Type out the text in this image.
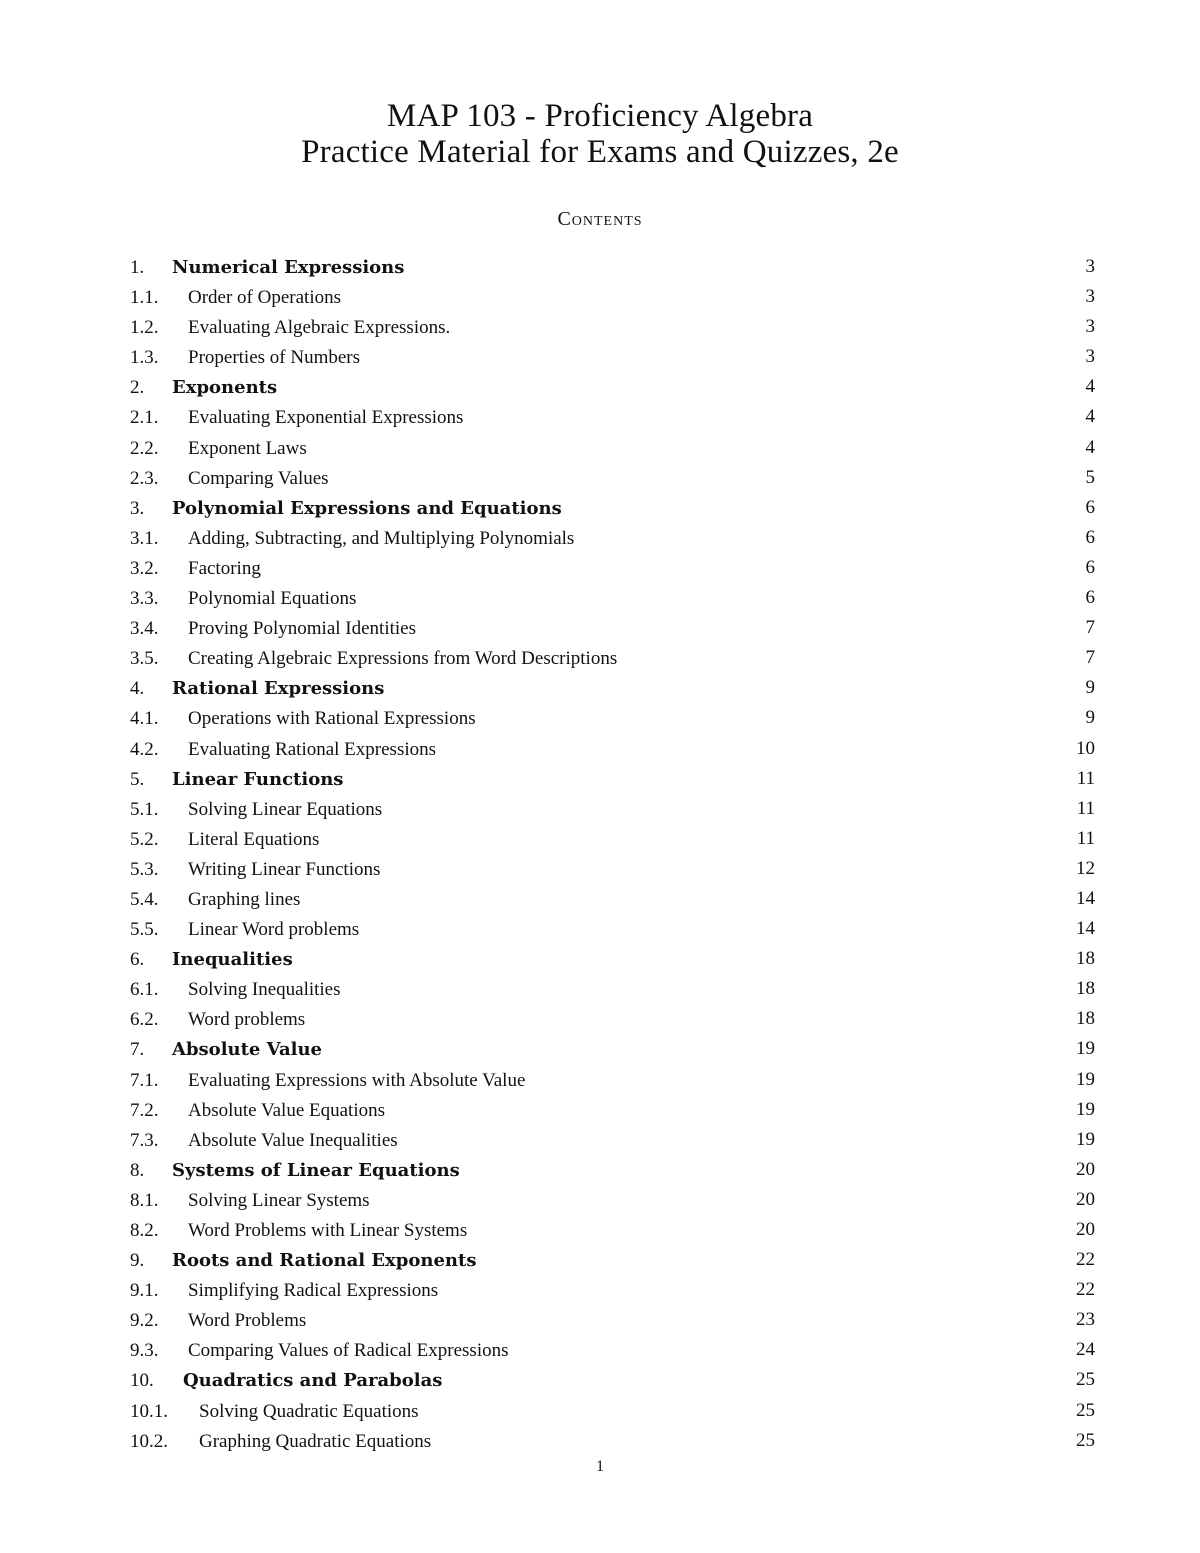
MAP 103 - Proficiency Algebra
Practice Material for Exams and Quizzes, 2e
Contents
1. Numerical Expressions	3
1.1. Order of Operations	3
1.2. Evaluating Algebraic Expressions.	3
1.3. Properties of Numbers	3
2. Exponents	4
2.1. Evaluating Exponential Expressions	4
2.2. Exponent Laws	4
2.3. Comparing Values	5
3. Polynomial Expressions and Equations	6
3.1. Adding, Subtracting, and Multiplying Polynomials	6
3.2. Factoring	6
3.3. Polynomial Equations	6
3.4. Proving Polynomial Identities	7
3.5. Creating Algebraic Expressions from Word Descriptions	7
4. Rational Expressions	9
4.1. Operations with Rational Expressions	9
4.2. Evaluating Rational Expressions	10
5. Linear Functions	11
5.1. Solving Linear Equations	11
5.2. Literal Equations	11
5.3. Writing Linear Functions	12
5.4. Graphing lines	14
5.5. Linear Word problems	14
6. Inequalities	18
6.1. Solving Inequalities	18
6.2. Word problems	18
7. Absolute Value	19
7.1. Evaluating Expressions with Absolute Value	19
7.2. Absolute Value Equations	19
7.3. Absolute Value Inequalities	19
8. Systems of Linear Equations	20
8.1. Solving Linear Systems	20
8.2. Word Problems with Linear Systems	20
9. Roots and Rational Exponents	22
9.1. Simplifying Radical Expressions	22
9.2. Word Problems	23
9.3. Comparing Values of Radical Expressions	24
10. Quadratics and Parabolas	25
10.1. Solving Quadratic Equations	25
10.2. Graphing Quadratic Equations	25
1
